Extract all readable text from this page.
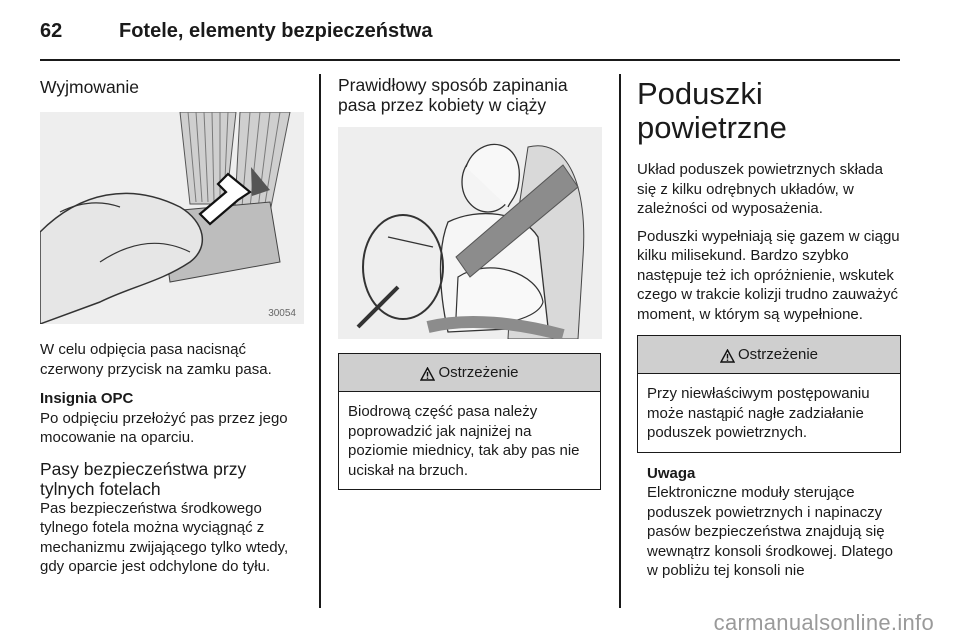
62	Fotele, elementy bezpieczeństwa
Wyjmowanie
30054

W celu odpięcia pasa nacisnąć czerwony przycisk na zamku pasa.

Insignia OPC

Po odpięciu przełożyć pas przez jego mocowanie na oparciu.

Pasy bezpieczeństwa przy tylnych fotelach

Pas bezpieczeństwa środkowego tylnego fotela można wyciągnąć z mechanizmu zwijającego tylko wtedy, gdy oparcie jest odchylone do tyłu.

Prawidłowy sposób zapinania pasa przez kobiety w ciąży
Ostrzeżenie
Biodrową część pasa należy poprowadzić jak najniżej na poziomie miednicy, tak aby pas nie uciskał na brzuch.
Poduszki powietrzne

Układ poduszek powietrznych składa się z kilku odrębnych układów, w zależności od wyposażenia.

Poduszki wypełniają się gazem w ciągu kilku milisekund. Bardzo szybko następuje też ich opróżnienie, wskutek czego w trakcie kolizji trudno zauważyć moment, w którym są wypełnione.

Ostrzeżenie
Przy niewłaściwym postępowaniu może nastąpić nagłe zadziałanie poduszek powietrznych.

Uwaga

Elektroniczne moduły sterujące poduszek powietrznych i napinaczy pasów bezpieczeństwa znajdują się wewnątrz konsoli środkowej. Dlatego w pobliżu tej konsoli nie

carmanualsonline.info
